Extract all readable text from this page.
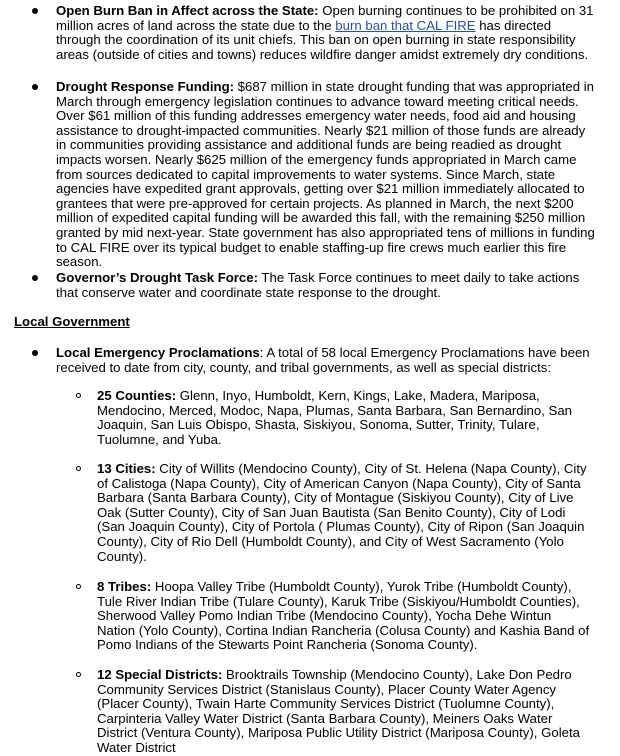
Open Burn Ban in Affect across the State: Open burning continues to be prohibited on 31 million acres of land across the state due to the burn ban that CAL FIRE has directed through the coordination of its unit chiefs. This ban on open burning in state responsibility areas (outside of cities and towns) reduces wildfire danger amidst extremely dry conditions.
Drought Response Funding: $687 million in state drought funding that was appropriated in March through emergency legislation continues to advance toward meeting critical needs. Over $61 million of this funding addresses emergency water needs, food aid and housing assistance to drought-impacted communities. Nearly $21 million of those funds are already in communities providing assistance and additional funds are being readied as drought impacts worsen. Nearly $625 million of the emergency funds appropriated in March came from sources dedicated to capital improvements to water systems. Since March, state agencies have expedited grant approvals, getting over $21 million immediately allocated to grantees that were pre-approved for certain projects. As planned in March, the next $200 million of expedited capital funding will be awarded this fall, with the remaining $250 million granted by mid next-year. State government has also appropriated tens of millions in funding to CAL FIRE over its typical budget to enable staffing-up fire crews much earlier this fire season.
Governor’s Drought Task Force: The Task Force continues to meet daily to take actions that conserve water and coordinate state response to the drought.
Local Government
Local Emergency Proclamations: A total of 58 local Emergency Proclamations have been received to date from city, county, and tribal governments, as well as special districts:
25 Counties: Glenn, Inyo, Humboldt, Kern, Kings, Lake, Madera, Mariposa, Mendocino, Merced, Modoc, Napa, Plumas, Santa Barbara, San Bernardino, San Joaquin, San Luis Obispo, Shasta, Siskiyou, Sonoma, Sutter, Trinity, Tulare, Tuolumne, and Yuba.
13 Cities: City of Willits (Mendocino County), City of St. Helena (Napa County), City of Calistoga (Napa County), City of American Canyon (Napa County), City of Santa Barbara (Santa Barbara County), City of Montague (Siskiyou County), City of Live Oak (Sutter County), City of San Juan Bautista (San Benito County), City of Lodi (San Joaquin County), City of Portola ( Plumas County), City of Ripon (San Joaquin County), City of Rio Dell (Humboldt County), and City of West Sacramento (Yolo County).
8 Tribes: Hoopa Valley Tribe (Humboldt County), Yurok Tribe (Humboldt County), Tule River Indian Tribe (Tulare County), Karuk Tribe (Siskiyou/Humboldt Counties), Sherwood Valley Pomo Indian Tribe (Mendocino County), Yocha Dehe Wintun Nation (Yolo County), Cortina Indian Rancheria (Colusa County) and Kashia Band of Pomo Indians of the Stewarts Point Rancheria (Sonoma County).
12 Special Districts: Brooktrails Township (Mendocino County), Lake Don Pedro Community Services District (Stanislaus County), Placer County Water Agency (Placer County), Twain Harte Community Services District (Tuolumne County), Carpinteria Valley Water District (Santa Barbara County), Meiners Oaks Water District (Ventura County), Mariposa Public Utility District (Mariposa County), Goleta Water District
